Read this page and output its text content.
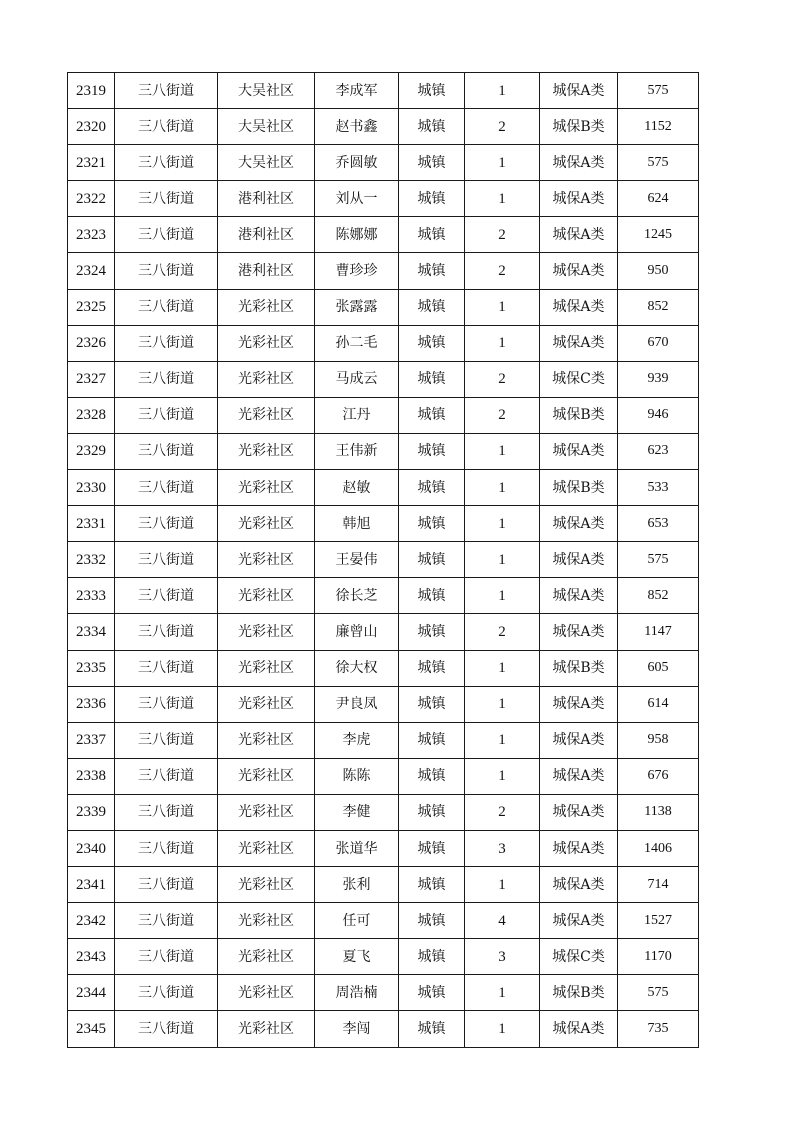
2319	三八街道	大吴社区	李成军	城镇	1	城保A类	575
2320	三八街道	大吴社区	赵书鑫	城镇	2	城保B类	1152
2321	三八街道	大吴社区	乔圆敏	城镇	1	城保A类	575
2322	三八街道	港利社区	刘从一	城镇	1	城保A类	624
2323	三八街道	港利社区	陈娜娜	城镇	2	城保A类	1245
2324	三八街道	港利社区	曹珍珍	城镇	2	城保A类	950
2325	三八街道	光彩社区	张露露	城镇	1	城保A类	852
2326	三八街道	光彩社区	孙二毛	城镇	1	城保A类	670
2327	三八街道	光彩社区	马成云	城镇	2	城保C类	939
2328	三八街道	光彩社区	江丹	城镇	2	城保B类	946
2329	三八街道	光彩社区	王伟新	城镇	1	城保A类	623
2330	三八街道	光彩社区	赵敏	城镇	1	城保B类	533
2331	三八街道	光彩社区	韩旭	城镇	1	城保A类	653
2332	三八街道	光彩社区	王晏伟	城镇	1	城保A类	575
2333	三八街道	光彩社区	徐长芝	城镇	1	城保A类	852
2334	三八街道	光彩社区	廉曾山	城镇	2	城保A类	1147
2335	三八街道	光彩社区	徐大权	城镇	1	城保B类	605
2336	三八街道	光彩社区	尹良凤	城镇	1	城保A类	614
2337	三八街道	光彩社区	李虎	城镇	1	城保A类	958
2338	三八街道	光彩社区	陈陈	城镇	1	城保A类	676
2339	三八街道	光彩社区	李健	城镇	2	城保A类	1138
2340	三八街道	光彩社区	张道华	城镇	3	城保A类	1406
2341	三八街道	光彩社区	张利	城镇	1	城保A类	714
2342	三八街道	光彩社区	任可	城镇	4	城保A类	1527
2343	三八街道	光彩社区	夏飞	城镇	3	城保C类	1170
2344	三八街道	光彩社区	周浩楠	城镇	1	城保B类	575
2345	三八街道	光彩社区	李闯	城镇	1	城保A类	735
